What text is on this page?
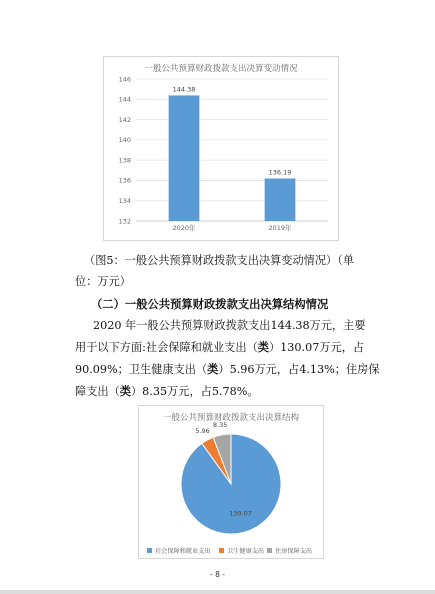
一般公共预算财政拨款支出决算变动情况
132
134
136
138
140
142
144
146
144.38
2020年
136.19
2019年
（图5：一般公共预算财政拨款支出决算变动情况）（单
位：万元）
（二）一般公共预算财政拨款支出决算结构情况
2020 年一般公共预算财政拨款支出144.38万元，主要
用于以下方面:社会保障和就业支出（类）130.07万元，占
90.09%；卫生健康支出（类）5.96万元，占4.13%；住房保
障支出（类）8.35万元，占5.78%。
一般公共预算财政拨款支出决算结构
130.07
5.96
8.35
社会保障和就业支出	卫生健康支出 住房保障支出
- 8 -
